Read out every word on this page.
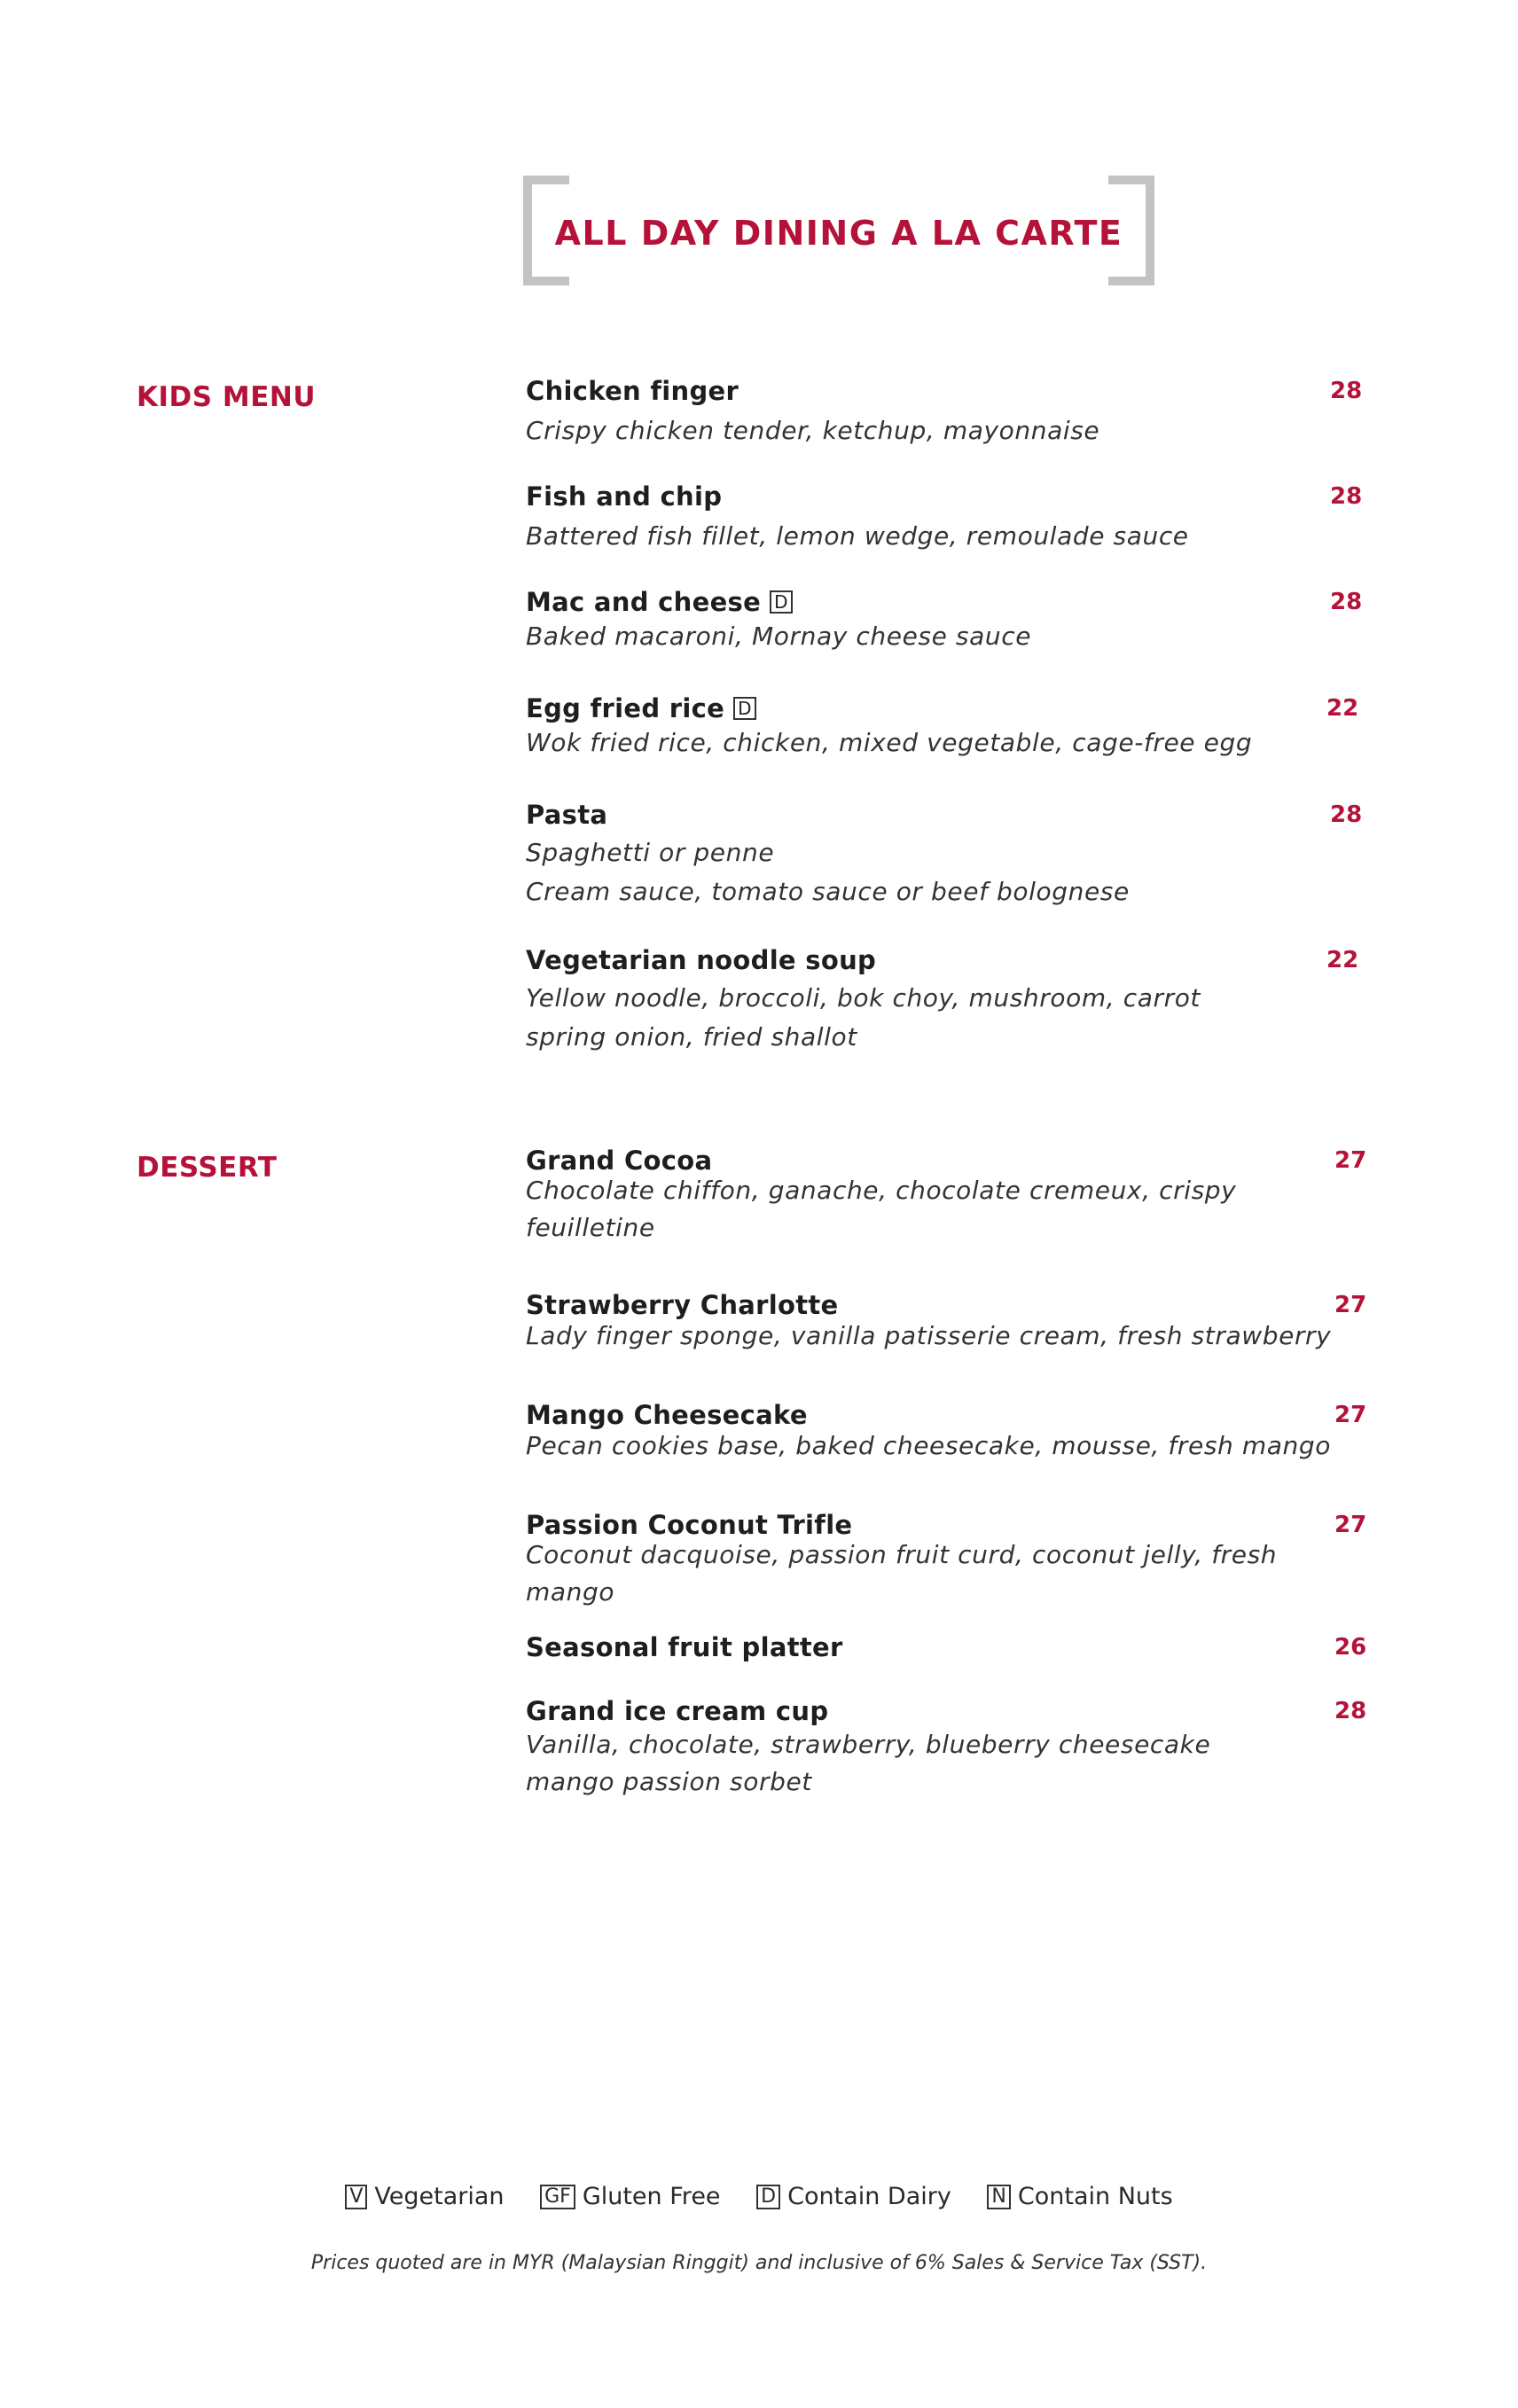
ALL DAY DINING A LA CARTE
KIDS MENU
DESSERT
Chicken finger
Crispy chicken tender, ketchup, mayonnaise
28
Fish and chip
Battered fish fillet, lemon wedge, remoulade sauce
28
Mac and cheese D
Baked macaroni, Mornay cheese sauce
28
Egg fried rice D
Wok fried rice, chicken, mixed vegetable, cage-free egg
22
Pasta
Spaghetti or penne
Cream sauce, tomato sauce or beef bolognese
28
Vegetarian noodle soup
Yellow noodle, broccoli, bok choy, mushroom, carrot
spring onion, fried shallot
22
Grand Cocoa
Chocolate chiffon, ganache, chocolate cremeux, crispy
feuilletine
27
Strawberry Charlotte
Lady finger sponge, vanilla patisserie cream, fresh strawberry
27
Mango Cheesecake
Pecan cookies base, baked cheesecake, mousse, fresh mango
27
Passion Coconut Trifle
Coconut dacquoise, passion fruit curd, coconut jelly, fresh
mango
27
Seasonal fruit platter	26
Grand ice cream cup
Vanilla, chocolate, strawberry, blueberry cheesecake
mango passion sorbet
28
V Vegetarian GF Gluten Free D Contain Dairy N Contain Nuts
Prices quoted are in MYR (Malaysian Ringgit) and inclusive of 6% Sales & Service Tax (SST).
